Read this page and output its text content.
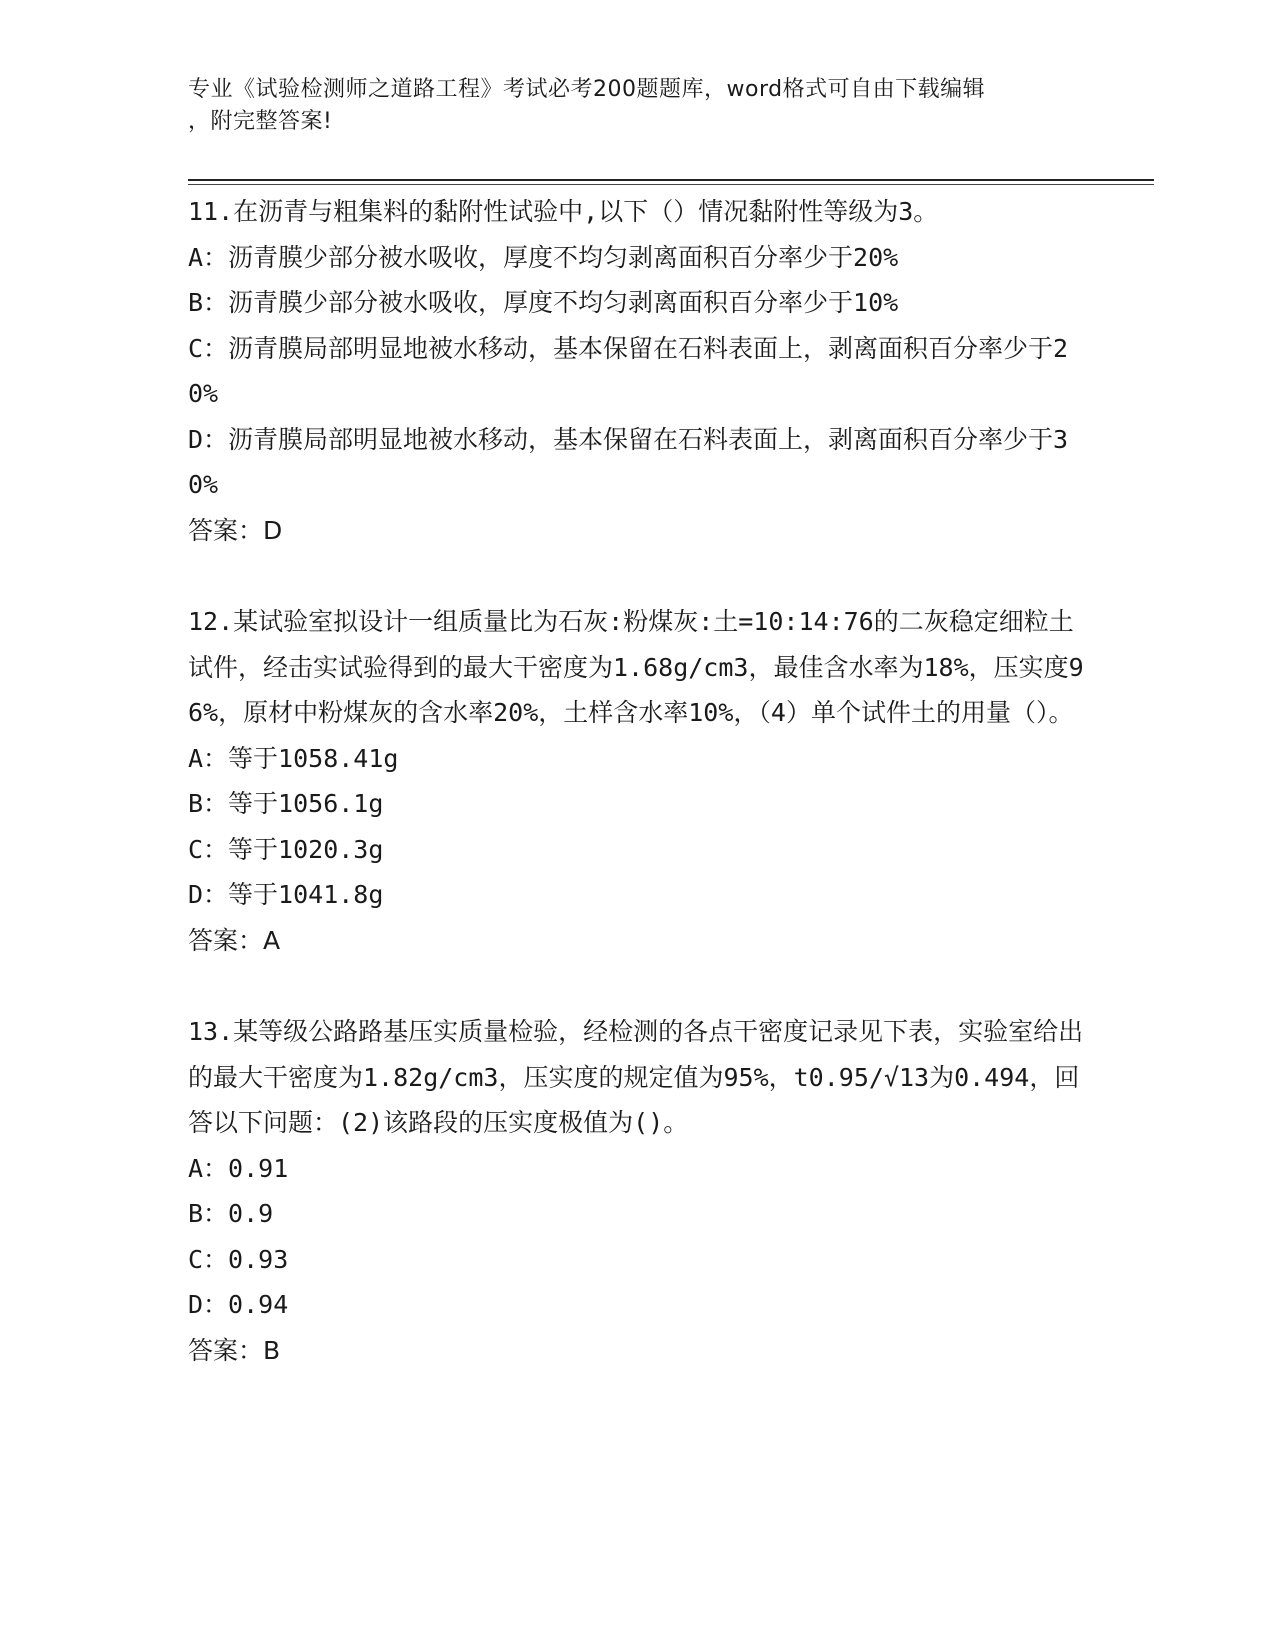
专业《试验检测师之道路工程》考试必考200题题库，word格式可自由下载编辑
，附完整答案!

11.在沥青与粗集料的黏附性试验中,以下（）情况黏附性等级为3。

A：沥青膜少部分被水吸收，厚度不均匀剥离面积百分率少于20%

B：沥青膜少部分被水吸收，厚度不均匀剥离面积百分率少于10%

C：沥青膜局部明显地被水移动，基本保留在石料表面上，剥离面积百分率少于20%

D：沥青膜局部明显地被水移动，基本保留在石料表面上，剥离面积百分率少于30%

答案：D

12.某试验室拟设计一组质量比为石灰:粉煤灰:土=10:14:76的二灰稳定细粒土试件，经击实试验得到的最大干密度为1.68g/cm3，最佳含水率为18%，压实度96%，原材中粉煤灰的含水率20%，土样含水率10%，（4）单个试件土的用量（）。

A：等于1058.41g

B：等于1056.1g

C：等于1020.3g

D：等于1041.8g

答案：A

13.某等级公路路基压实质量检验，经检测的各点干密度记录见下表，实验室给出的最大干密度为1.82g/cm3，压实度的规定值为95%，t0.95/√13为0.494，回答以下问题：(2)该路段的压实度极值为()。

A：0.91

B：0.9

C：0.93

D：0.94

答案：B
